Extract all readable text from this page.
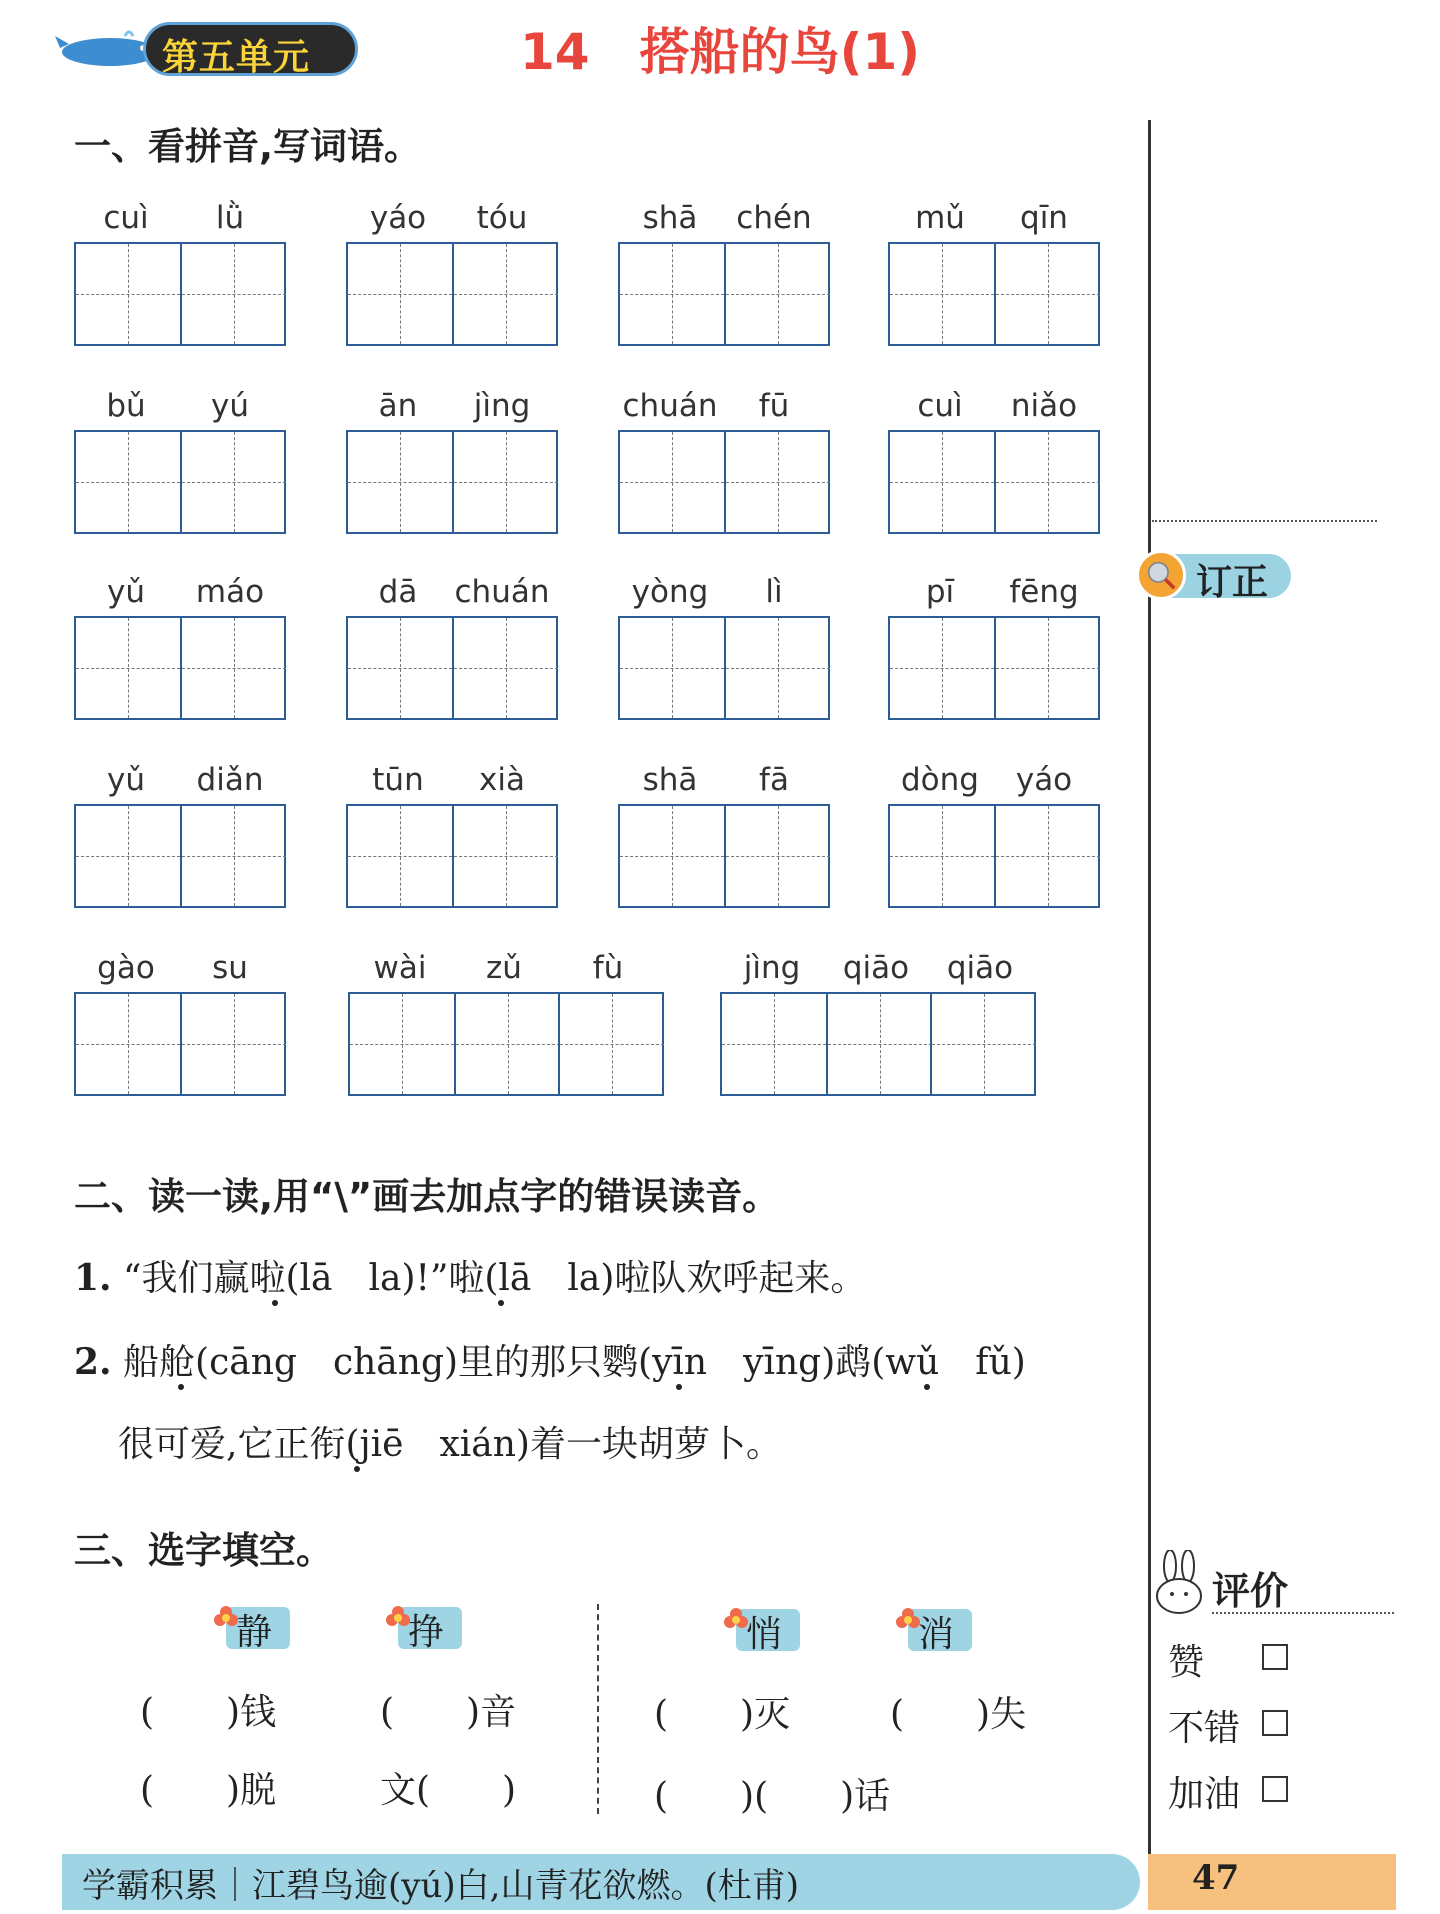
第五单元	14 搭船的鸟(1)
订正
评价
赞
不错
加油
一、看拼音,写词语。
cuì	lǜ	yáo	tóu	shā	chén	mǔ	qīn
bǔ	yú	ān	jìng	chuán	fū	cuì	niǎo
yǔ	máo	dā	chuán	yòng	lì	pī	fēng
yǔ	diǎn	tūn	xià	shā	fā	dòng	yáo
gào	su	wài	zǔ	fù	jìng	qiāo	qiāo
二、读一读,用“\”画去加点字的错误读音。
1. “我们赢啦(lā　la)!”啦(lā　la)啦队欢呼起来。
2. 船舱(cāng　chāng)里的那只鹦(yīn　yīng)鹉(wǔ　fǔ)
很可爱,它正衔(jiē　xián)着一块胡萝卜。
三、选字填空。
静	挣	悄	消
(　　)钱	(　　)音
(　　)脱	文(　　)
(　　)灭	(　　)失
(　　)(　　)话
学霸积累｜江碧鸟逾(yú)白,山青花欲燃。(杜甫)	47
